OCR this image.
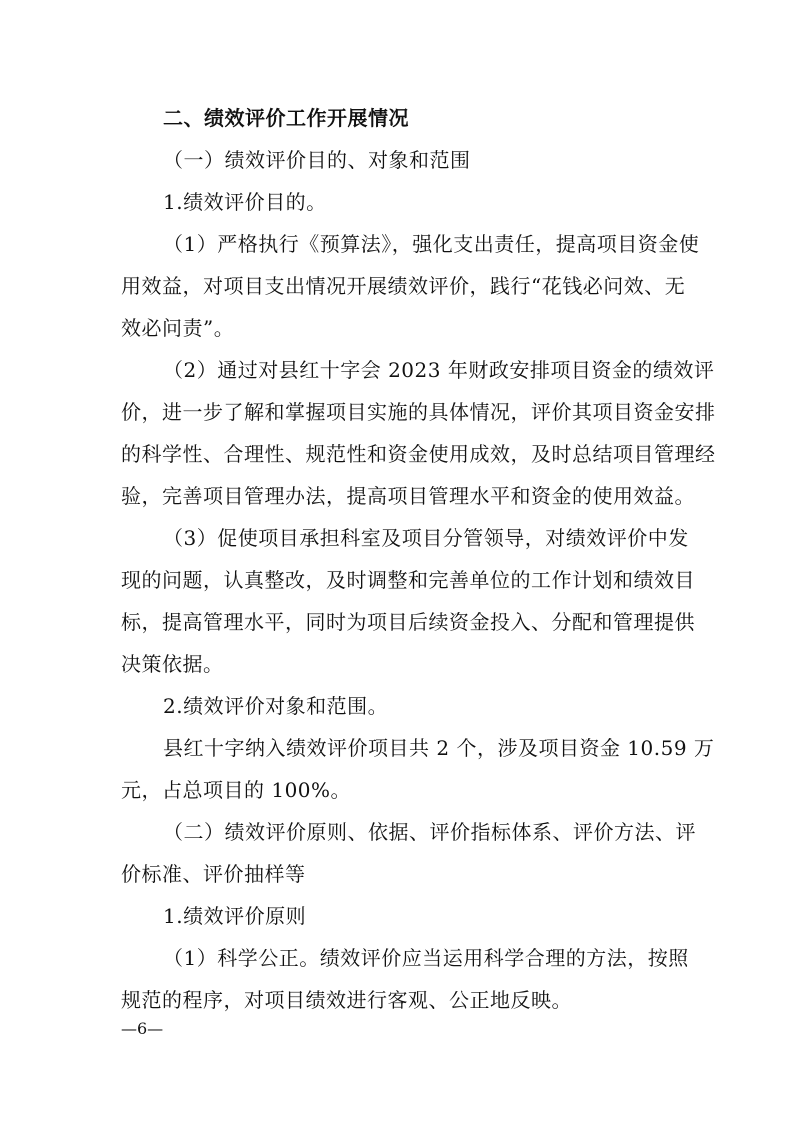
二、绩效评价工作开展情况
（一）绩效评价目的、对象和范围
1.绩效评价目的。
（1）严格执行《预算法》，强化支出责任，提高项目资金使
用效益，对项目支出情况开展绩效评价，践行“花钱必问效、无
效必问责”。
（2）通过对县红十字会 2023 年财政安排项目资金的绩效评
价，进一步了解和掌握项目实施的具体情况，评价其项目资金安排
的科学性、合理性、规范性和资金使用成效，及时总结项目管理经
验，完善项目管理办法，提高项目管理水平和资金的使用效益。
（3）促使项目承担科室及项目分管领导，对绩效评价中发
现的问题，认真整改，及时调整和完善单位的工作计划和绩效目
标，提高管理水平，同时为项目后续资金投入、分配和管理提供
决策依据。
2.绩效评价对象和范围。
县红十字纳入绩效评价项目共 2 个，涉及项目资金 10.59 万
元，占总项目的 100%。
（二）绩效评价原则、依据、评价指标体系、评价方法、评
价标准、评价抽样等
1.绩效评价原则
（1）科学公正。绩效评价应当运用科学合理的方法，按照
规范的程序，对项目绩效进行客观、公正地反映。
—6—
